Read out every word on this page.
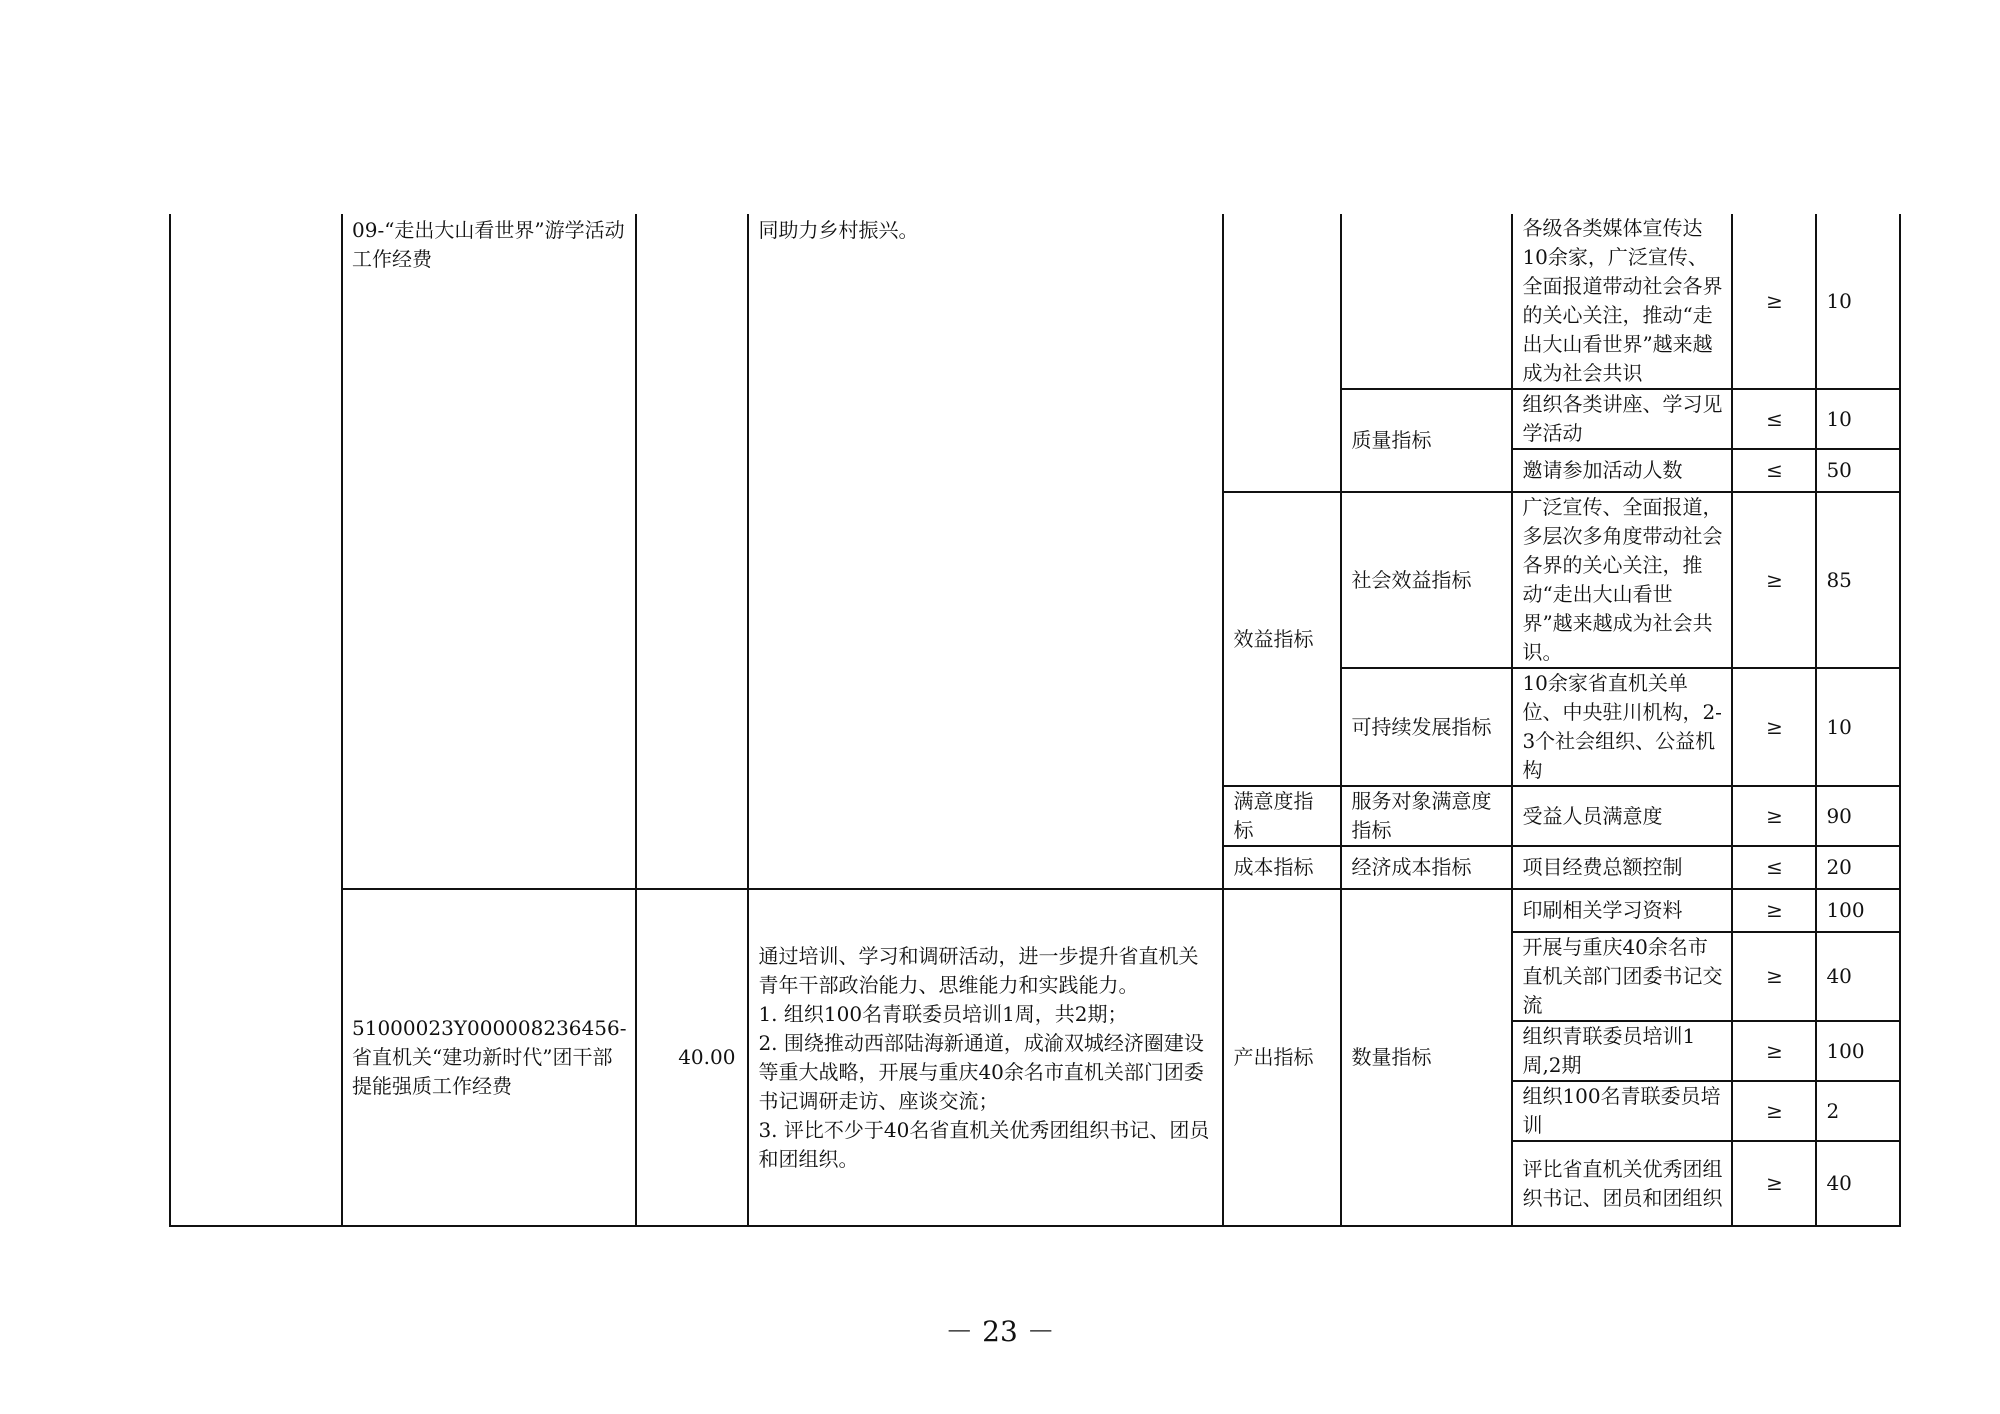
	09-“走出大山看世界”游学活动工作经费		同助力乡村振兴。			各级各类媒体宣传达10余家，广泛宣传、全面报道带动社会各界的关心关注，推动“走出大山看世界”越来越成为社会共识	≥	10
					质量指标	组织各类讲座、学习见学活动	≤	10
						邀请参加活动人数	≤	50
				效益指标	社会效益指标	广泛宣传、全面报道，多层次多角度带动社会各界的关心关注，推动“走出大山看世界”越来越成为社会共识。	≥	85
					可持续发展指标	10余家省直机关单位、中央驻川机构，2-3个社会组织、公益机构	≥	10
				满意度指标	服务对象满意度指标	受益人员满意度	≥	90
				成本指标	经济成本指标	项目经费总额控制	≤	20
	51000023Y000008236456-省直机关“建功新时代”团干部提能强质工作经费	40.00	通过培训、学习和调研活动，进一步提升省直机关青年干部政治能力、思维能力和实践能力。
1. 组织100名青联委员培训1周，共2期；
2. 围绕推动西部陆海新通道，成渝双城经济圈建设等重大战略，开展与重庆40余名市直机关部门团委书记调研走访、座谈交流；
3. 评比不少于40名省直机关优秀团组织书记、团员和团组织。	产出指标	数量指标	印刷相关学习资料	≥	100
						开展与重庆40余名市直机关部门团委书记交流	≥	40
						组织青联委员培训1周,2期	≥	100
						组织100名青联委员培训	≥	2
						评比省直机关优秀团组织书记、团员和团组织	≥	40
－ 23 －
